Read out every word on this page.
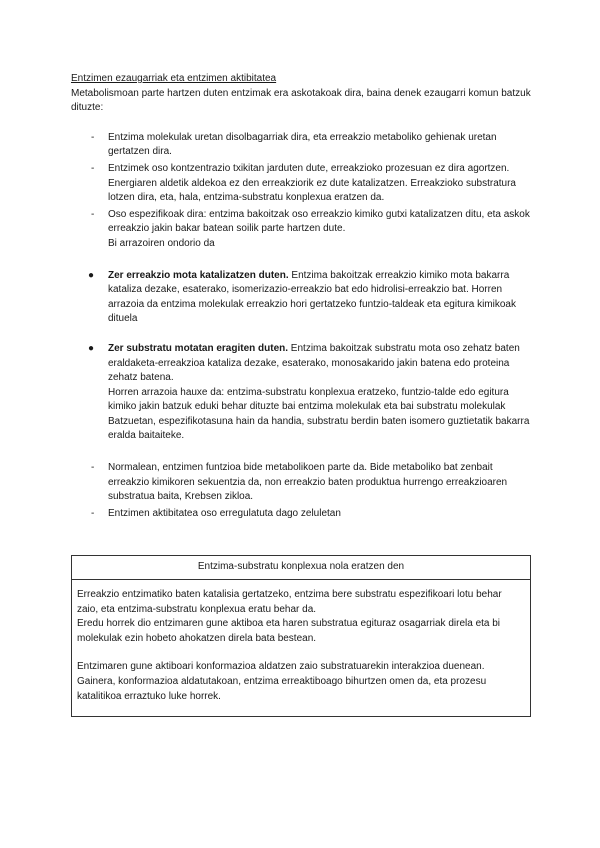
Entzimen ezaugarriak eta entzimen aktibitatea

Metabolismoan parte hartzen duten entzimak era askotakoak dira, baina denek ezaugarri komun batzuk dituzte:

- Entzima molekulak uretan disolbagarriak dira, eta erreakzio metaboliko gehienak uretan gertatzen dira.
- Entzimek oso kontzentrazio txikitan jarduten dute, erreakzioko prozesuan ez dira agortzen. Energiaren aldetik aldekoa ez den erreakziorik ez dute katalizatzen. Erreakzioko substratura lotzen dira, eta, hala, entzima-substratu konplexua eratzen da.
- Oso espezifikoak dira: entzima bakoitzak oso erreakzio kimiko gutxi katalizatzen ditu, eta askok erreakzio jakin bakar batean soilik parte hartzen dute.
Bi arrazoiren ondorio da
● Zer erreakzio mota katalizatzen duten. Entzima bakoitzak erreakzio kimiko mota bakarra kataliza dezake, esaterako, isomerizazio-erreakzio bat edo hidrolisi-erreakzio bat. Horren arrazoia da entzima molekulak erreakzio hori gertatzeko funtzio-taldeak eta egitura kimikoak dituela
● Zer substratu motatan eragiten duten. Entzima bakoitzak substratu mota oso zehatz baten eraldaketa-erreakzioa kataliza dezake, esaterako, monosakarido jakin batena edo proteina zehatz batena.
Horren arrazoia hauxe da: entzima-substratu konplexua eratzeko, funtzio-talde edo egitura kimiko jakin batzuk eduki behar dituzte bai entzima molekulak eta bai substratu molekulak Batzuetan, espezifikotasuna hain da handia, substratu berdin baten isomero guztietatik bakarra eralda baitaiteke.
- Normalean, entzimen funtzioa bide metabolikoen parte da. Bide metaboliko bat zenbait erreakzio kimikoren sekuentzia da, non erreakzio baten produktua hurrengo erreakzioaren substratua baita, Krebsen zikloa.
- Entzimen aktibitatea oso erregulatuta dago zeluletan
Entzima-substratu konplexua nola eratzen den

Erreakzio entzimatiko baten katalisia gertatzeko, entzima bere substratu espezifikoari lotu behar zaio, eta entzima-substratu konplexua eratu behar da.
Eredu horrek dio entzimaren gune aktiboa eta haren substratua egituraz osagarriak direla eta bi molekulak ezin hobeto ahokatzen direla bata bestean.

Entzimaren gune aktiboari konformazioa aldatzen zaio substratuarekin interakzioa duenean. Gainera, konformazioa aldatutakoan, entzima erreaktiboago bihurtzen omen da, eta prozesu katalitikoa erraztuko luke horrek.
